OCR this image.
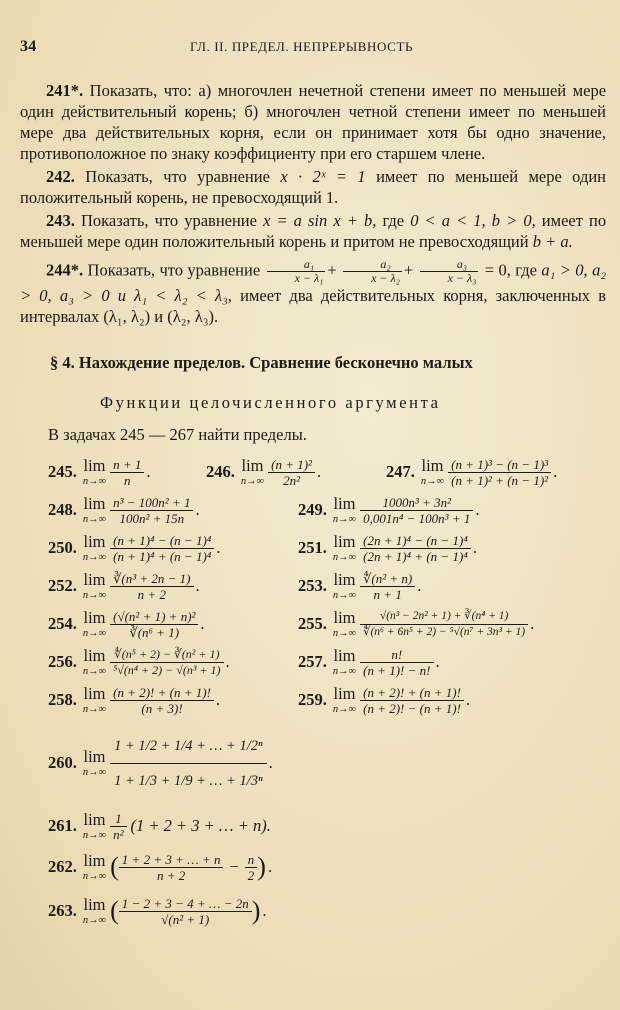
34	ГЛ. II. ПРЕДЕЛ. НЕПРЕРЫВНОСТЬ

241*. Показать, что: а) многочлен нечетной степени имеет по меньшей мере один действительный корень; б) многочлен четной степени имеет по меньшей мере два действительных корня, если он принимает хотя бы одно значение, противоположное по знаку коэффициенту при его старшем члене.

242. Показать, что уравнение x · 2ˣ = 1 имеет по меньшей мере один положительный корень, не превосходящий 1.

243. Показать, что уравнение x = a sin x + b, где 0 < a < 1, b > 0, имеет по меньшей мере один положительный корень и притом не превосходящий b + a.

244*. Показать, что уравнение $\frac{\text{a₁}}{\text{x − λ₁}} + \frac{\text{a₂}}{\text{x − λ₂}} + \frac{\text{a₃}}{\text{x − λ₃}} = 0$, где a₁ > 0, a₂ > 0, a₃ > 0 и λ₁ < λ₂ < λ₃, имеет два действительных корня, заключенных в интервалах (λ₁, λ₂) и (λ₂, λ₃).

§ 4. Нахождение пределов. Сравнение бесконечно малых
Функции целочисленного аргумента
В задачах 245 — 267 найти пределы.
245. lim
n→∞
n + 1
n .	246. lim
n→∞
(n + 1)²
2n²	.	247. lim
n→∞
(n + 1)³ − (n − 1)³
(n + 1)² + (n − 1)² .
248. lim
n→∞
n³ − 100n² + 1
100n² + 15n .	249. lim
n→∞
1000n³ + 3n²
0,001n⁴ − 100n³ + 1 .
250. lim
n→∞
(n + 1)⁴ − (n − 1)⁴
(n + 1)⁴ + (n − 1)⁴ .	251. lim
n→∞
(2n + 1)⁴ − (n − 1)⁴
(2n + 1)⁴ + (n − 1)⁴ .
252. lim
n→∞
∛(n³ + 2n − 1)
n + 2	.	253. lim
n→∞
∜(n² + n)
n + 1 .
254. lim
n→∞
(√(n² + 1) + n)²
∛(n⁶ + 1)	.	255. lim
n→∞
√(n³ − 2n² + 1) + ∛(n⁴ + 1)
∜(n⁶ + 6n⁵ + 2) − ⁵√(n⁷ + 3n³ + 1) .
256. lim
n→∞
∜(n⁵ + 2) − ∛(n² + 1)
⁵√(n⁴ + 2) − √(n³ + 1) .	257. lim
n→∞
n!
(n + 1)! − n! .
258. lim
n→∞
(n + 2)! + (n + 1)!
(n + 3)!	.	259. lim
n→∞
(n + 2)! + (n + 1)!
(n + 2)! − (n + 1)! .
260. lim
n→∞
1 + 1/2 + 1/4 + … + 1/2ⁿ
1 + 1/3 + 1/9 + … + 1/3ⁿ
.
261. lim
n→∞
1
n² (1 + 2 + 3 + … + n).
262. lim
n→∞ ( 1 + 2 + 3 + … + n
n + 2	− $\frac{n}{2}$ ) .
263. lim
n→∞ ( 1 − 2 + 3 − 4 + … − 2n
√(n² + 1)	) .
